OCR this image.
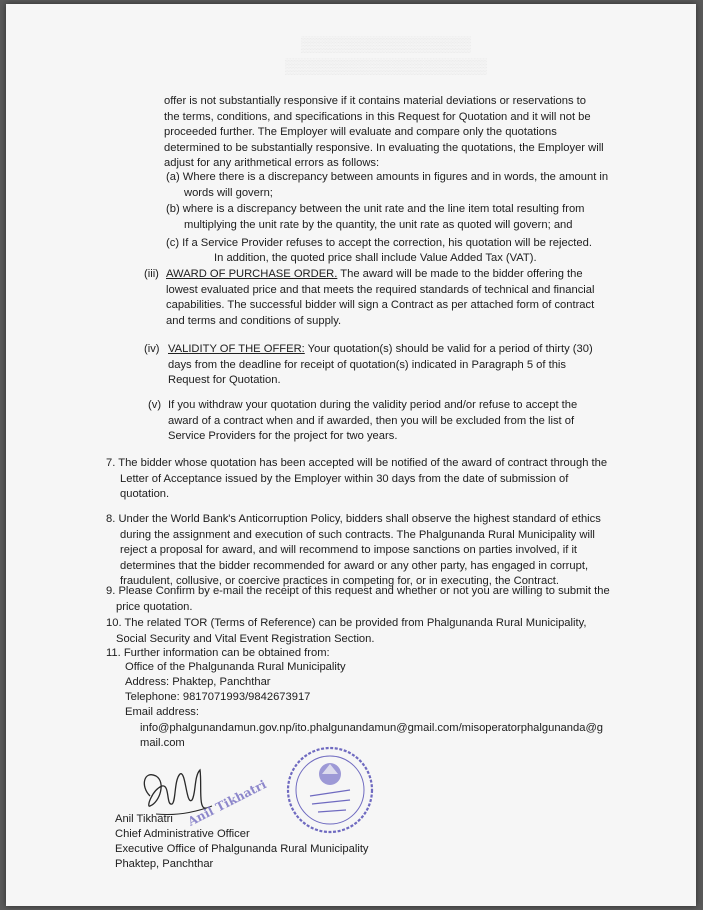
▒▒▒▒▒▒▒▒▒▒▒▒▒▒▒▒
▒▒▒▒▒▒▒▒▒▒▒▒▒▒▒▒▒▒▒

offer is not substantially responsive if it contains material deviations or reservations to the terms, conditions, and specifications in this Request for Quotation and it will not be proceeded further. The Employer will evaluate and compare only the quotations determined to be substantially responsive. In evaluating the quotations, the Employer will adjust for any arithmetical errors as follows:

(a) Where there is a discrepancy between amounts in figures and in words, the amount in words will govern;

(b) where is a discrepancy between the unit rate and the line item total resulting from multiplying the unit rate by the quantity, the unit rate as quoted will govern; and

(c) If a Service Provider refuses to accept the correction, his quotation will be rejected.

In addition, the quoted price shall include Value Added Tax (VAT).

(iii) AWARD OF PURCHASE ORDER. The award will be made to the bidder offering the lowest evaluated price and that meets the required standards of technical and financial capabilities. The successful bidder will sign a Contract as per attached form of contract and terms and conditions of supply.

(iv) VALIDITY OF THE OFFER: Your quotation(s) should be valid for a period of thirty (30) days from the deadline for receipt of quotation(s) indicated in Paragraph 5 of this Request for Quotation.

(v) If you withdraw your quotation during the validity period and/or refuse to accept the award of a contract when and if awarded, then you will be excluded from the list of Service Providers for the project for two years.

7. The bidder whose quotation has been accepted will be notified of the award of contract through the Letter of Acceptance issued by the Employer within 30 days from the date of submission of quotation.

8. Under the World Bank's Anticorruption Policy, bidders shall observe the highest standard of ethics during the assignment and execution of such contracts. The Phalgunanda Rural Municipality will reject a proposal for award, and will recommend to impose sanctions on parties involved, if it determines that the bidder recommended for award or any other party, has engaged in corrupt, fraudulent, collusive, or coercive practices in competing for, or in executing, the Contract.

9. Please Confirm by e-mail the receipt of this request and whether or not you are willing to submit the price quotation.

10. The related TOR (Terms of Reference) can be provided from Phalgunanda Rural Municipality, Social Security and Vital Event Registration Section.

11. Further information can be obtained from:

Office of the Phalgunanda Rural Municipality

Address: Phaktep, Panchthar

Telephone: 9817071993/9842673917

Email address:

info@phalgunandamun.gov.np/ito.phalgunandamun@gmail.com/misoperatorphalgunanda@g

mail.com

Anil Tikhatri

Chief Administrative Officer

Executive Office of Phalgunanda Rural Municipality

Phaktep, Panchthar

Anil Tikhatri
